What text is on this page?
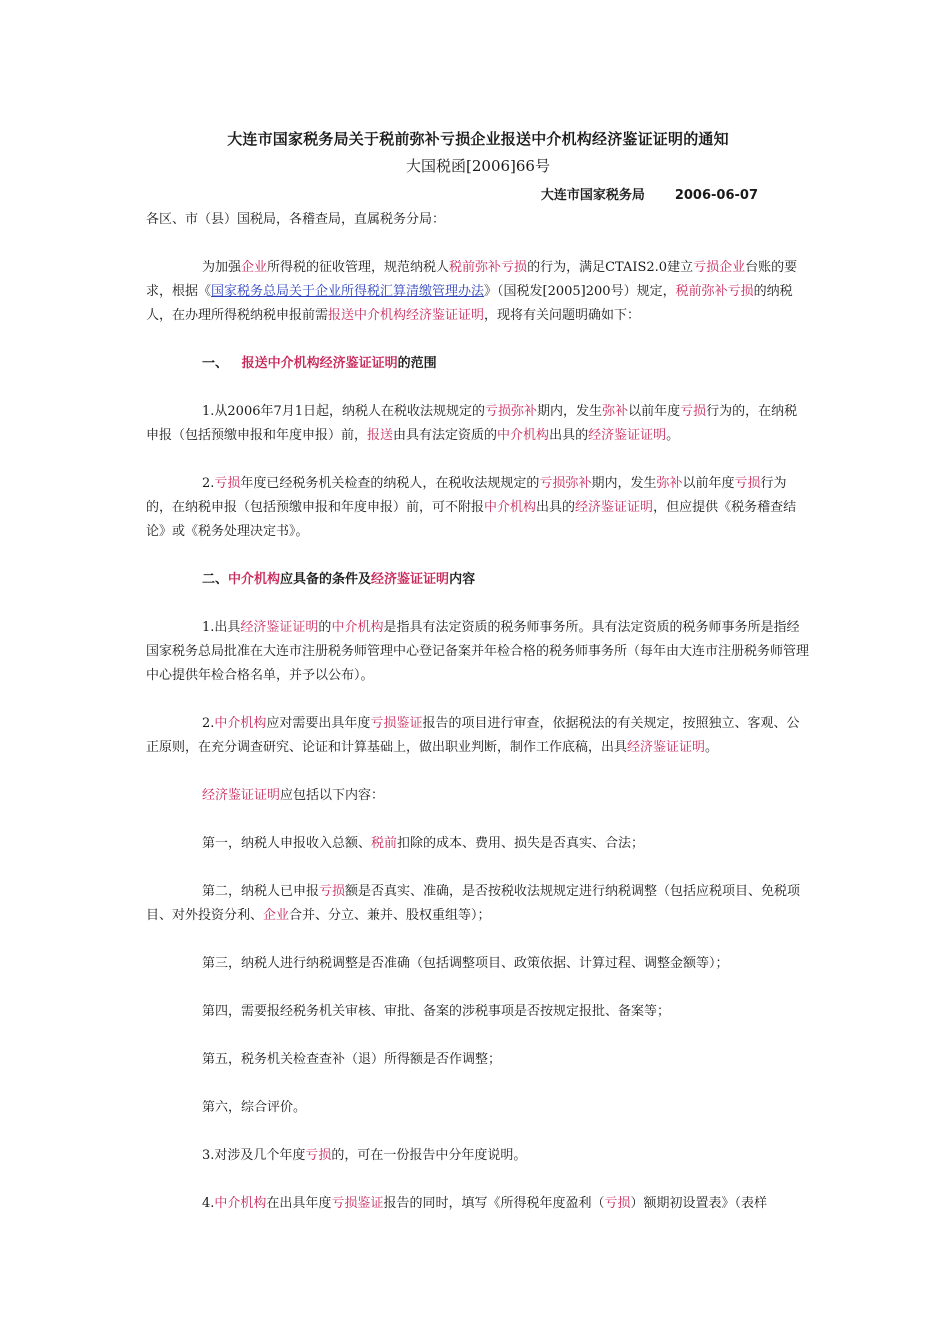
大连市国家税务局关于税前弥补亏损企业报送中介机构经济鉴证证明的通知
大国税函[2006]66号
大连市国家税务局 2006-06-07

各区、市（县）国税局，各稽查局，直属税务分局：

为加强企业所得税的征收管理，规范纳税人税前弥补亏损的行为，满足CTAIS2.0建立亏损企业台账的要求，根据《国家税务总局关于企业所得税汇算清缴管理办法》（国税发[2005]200号）规定，税前弥补亏损的纳税人，在办理所得税纳税申报前需报送中介机构经济鉴证证明，现将有关问题明确如下：

一、 报送中介机构经济鉴证证明的范围

1.从2006年7月1日起，纳税人在税收法规规定的亏损弥补期内，发生弥补以前年度亏损行为的，在纳税申报（包括预缴申报和年度申报）前，报送由具有法定资质的中介机构出具的经济鉴证证明。

2.亏损年度已经税务机关检查的纳税人，在税收法规规定的亏损弥补期内，发生弥补以前年度亏损行为的，在纳税申报（包括预缴申报和年度申报）前，可不附报中介机构出具的经济鉴证证明，但应提供《税务稽查结论》或《税务处理决定书》。

二、中介机构应具备的条件及经济鉴证证明内容

1.出具经济鉴证证明的中介机构是指具有法定资质的税务师事务所。具有法定资质的税务师事务所是指经国家税务总局批准在大连市注册税务师管理中心登记备案并年检合格的税务师事务所（每年由大连市注册税务师管理中心提供年检合格名单，并予以公布）。

2.中介机构应对需要出具年度亏损鉴证报告的项目进行审查，依据税法的有关规定，按照独立、客观、公正原则，在充分调查研究、论证和计算基础上，做出职业判断，制作工作底稿，出具经济鉴证证明。

经济鉴证证明应包括以下内容：

第一，纳税人申报收入总额、税前扣除的成本、费用、损失是否真实、合法；

第二，纳税人已申报亏损额是否真实、准确，是否按税收法规规定进行纳税调整（包括应税项目、免税项目、对外投资分利、企业合并、分立、兼并、股权重组等）；

第三，纳税人进行纳税调整是否准确（包括调整项目、政策依据、计算过程、调整金额等）；

第四，需要报经税务机关审核、审批、备案的涉税事项是否按规定报批、备案等；

第五，税务机关检查查补（退）所得额是否作调整；

第六，综合评价。

3.对涉及几个年度亏损的，可在一份报告中分年度说明。

4.中介机构在出具年度亏损鉴证报告的同时，填写《所得税年度盈利（亏损）额期初设置表》（表样
